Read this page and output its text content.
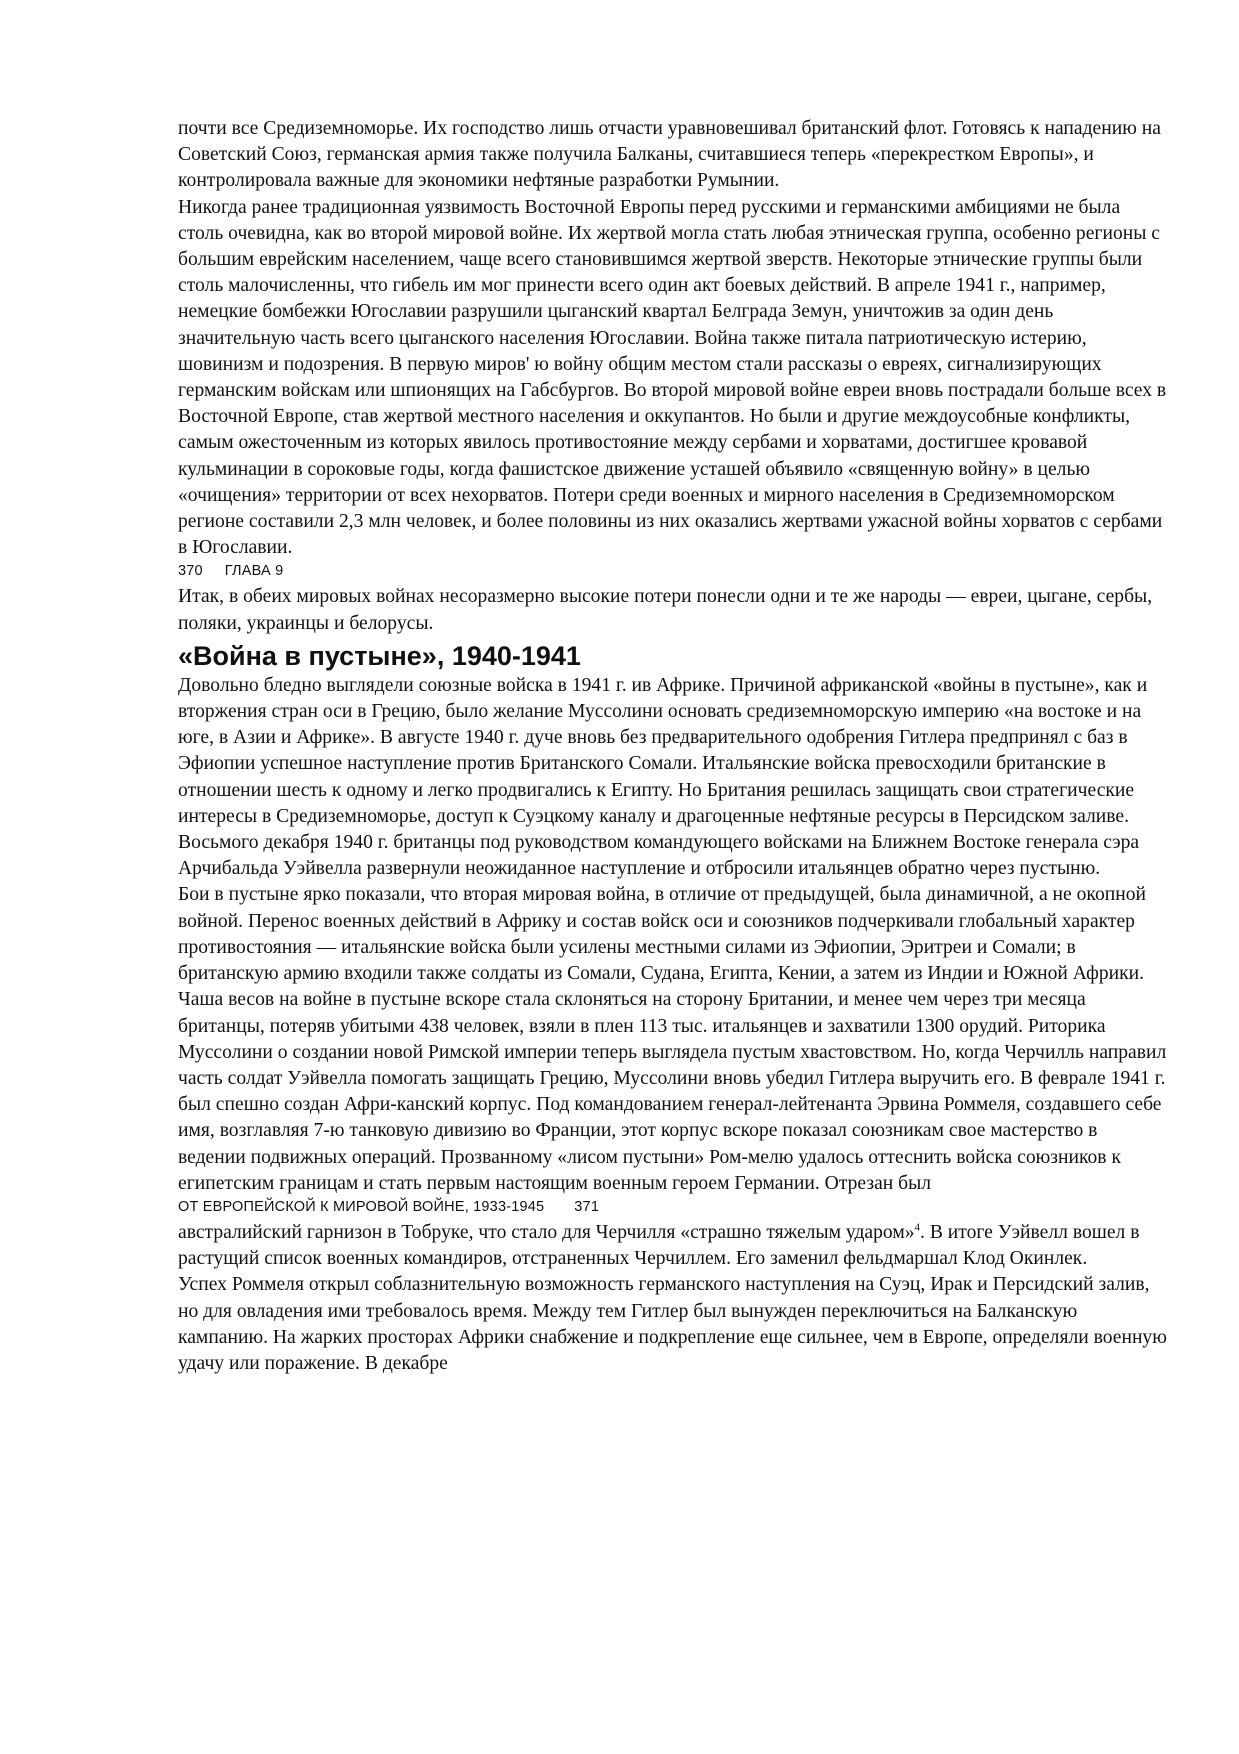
почти все Средиземноморье. Их господство лишь отчасти уравновешивал британский флот. Готовясь к нападению на Советский Союз, германская армия также получила Балканы, считавшиеся теперь «перекрестком Европы», и контролировала важные для экономики нефтяные разработки Румынии.

Никогда ранее традиционная уязвимость Восточной Европы перед русскими и германскими амбициями не была столь очевидна, как во второй мировой войне. Их жертвой могла стать любая этническая группа, особенно регионы с большим еврейским населением, чаще всего становившимся жертвой зверств. Некоторые этнические группы были столь малочисленны, что гибель им мог принести всего один акт боевых действий. В апреле 1941 г., например, немецкие бомбежки Югославии разрушили цыганский квартал Белграда Земун, уничтожив за один день значительную часть всего цыганского населения Югославии. Война также питала патриотическую истерию, шовинизм и подозрения. В первую миров' ю войну общим местом стали рассказы о евреях, сигнализирующих германским войскам или шпионящих на Габсбургов. Во второй мировой войне евреи вновь пострадали больше всех в Восточной Европе, став жертвой местного населения и оккупантов. Но были и другие междоусобные конфликты, самым ожесточенным из которых явилось противостояние между сербами и хорватами, достигшее кровавой кульминации в сороковые годы, когда фашистское движение усташей объявило «священную войну» в целью «очищения» территории от всех нехорватов. Потери среди военных и мирного населения в Средиземноморском регионе составили 2,3 млн человек, и более половины из них оказались жертвами ужасной войны хорватов с сербами в Югославии.

370 ГЛАВА 9

Итак, в обеих мировых войнах несоразмерно высокие потери понесли одни и те же народы — евреи, цыгане, сербы, поляки, украинцы и белорусы.

«Война в пустыне», 1940-1941

Довольно бледно выглядели союзные войска в 1941 г. ив Африке. Причиной африканской «войны в пустыне», как и вторжения стран оси в Грецию, было желание Муссолини основать средиземноморскую империю «на востоке и на юге, в Азии и Африке». В августе 1940 г. дуче вновь без предварительного одобрения Гитлера предпринял с баз в Эфиопии успешное наступление против Британского Сомали. Итальянские войска превосходили британские в отношении шесть к одному и легко продвигались к Египту. Но Британия решилась защищать свои стратегические интересы в Средиземноморье, доступ к Суэцкому каналу и драгоценные нефтяные ресурсы в Персидском заливе. Восьмого декабря 1940 г. британцы под руководством командующего войсками на Ближнем Востоке генерала сэра Арчибальда Уэйвелла развернули неожиданное наступление и отбросили итальянцев обратно через пустыню.

Бои в пустыне ярко показали, что вторая мировая война, в отличие от предыдущей, была динамичной, а не окопной войной. Перенос военных действий в Африку и состав войск оси и союзников подчеркивали глобальный характер противостояния — итальянские войска были усилены местными силами из Эфиопии, Эритреи и Сомали; в британскую армию входили также солдаты из Сомали, Судана, Египта, Кении, а затем из Индии и Южной Африки.

Чаша весов на войне в пустыне вскоре стала склоняться на сторону Британии, и менее чем через три месяца британцы, потеряв убитыми 438 человек, взяли в плен 113 тыс. итальянцев и захватили 1300 орудий. Риторика Муссолини о создании новой Римской империи теперь выглядела пустым хвастовством. Но, когда Черчилль направил часть солдат Уэйвелла помогать защищать Грецию, Муссолини вновь убедил Гитлера выручить его. В феврале 1941 г. был спешно создан Афри-канский корпус. Под командованием генерал-лейтенанта Эрвина Роммеля, создавшего себе имя, возглавляя 7-ю танковую дивизию во Франции, этот корпус вскоре показал союзникам свое мастерство в ведении подвижных операций. Прозванному «лисом пустыни» Ром-мелю удалось оттеснить войска союзников к египетским границам и стать первым настоящим военным героем Германии. Отрезан был

ОТ ЕВРОПЕЙСКОЙ К МИРОВОЙ ВОЙНЕ, 1933-1945 371

австралийский гарнизон в Тобруке, что стало для Черчилля «страшно тяжелым ударом»$^4$. В итоге Уэйвелл вошел в растущий список военных командиров, отстраненных Черчиллем. Его заменил фельдмаршал Клод Окинлек.

Успех Роммеля открыл соблазнительную возможность германского наступления на Суэц, Ирак и Персидский залив, но для овладения ими требовалось время. Между тем Гитлер был вынужден переключиться на Балканскую кампанию. На жарких просторах Африки снабжение и подкрепление еще сильнее, чем в Европе, определяли военную удачу или поражение. В декабре
